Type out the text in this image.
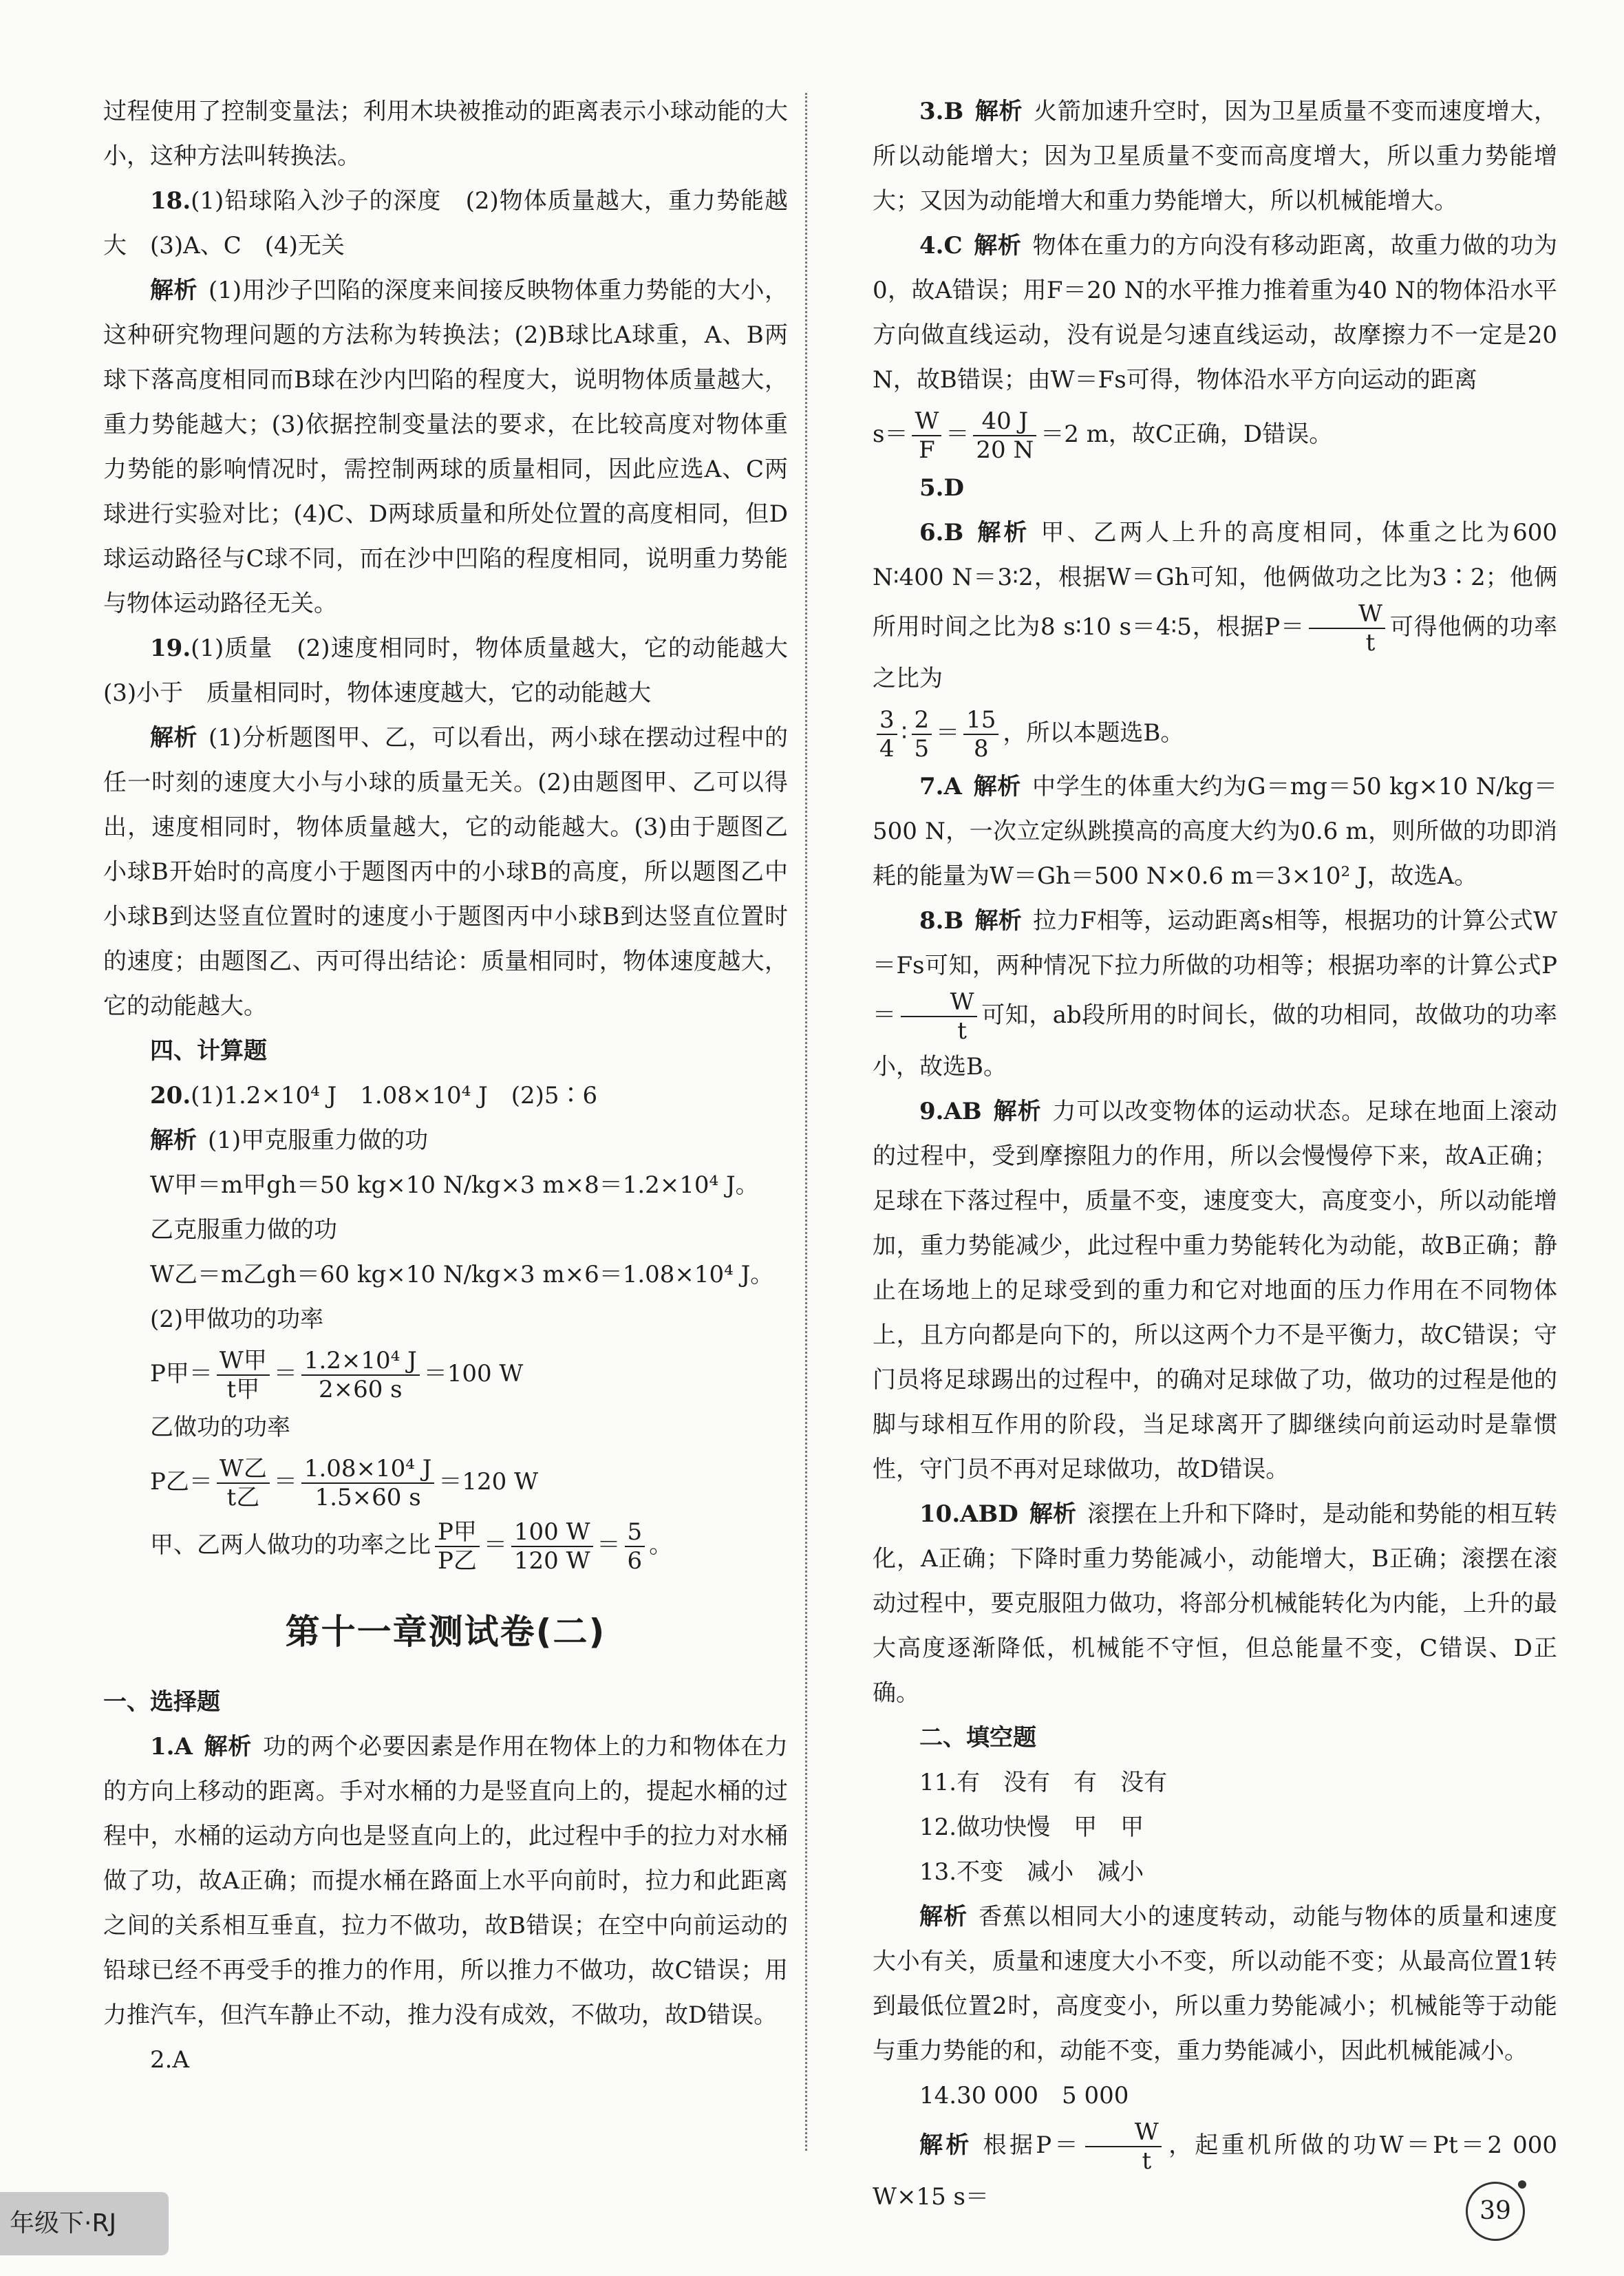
过程使用了控制变量法；利用木块被推动的距离表示小球动能的大小，这种方法叫转换法。

18.(1)铅球陷入沙子的深度　(2)物体质量越大，重力势能越大　(3)A、C　(4)无关

解析 (1)用沙子凹陷的深度来间接反映物体重力势能的大小，这种研究物理问题的方法称为转换法；(2)B球比A球重，A、B两球下落高度相同而B球在沙内凹陷的程度大，说明物体质量越大，重力势能越大；(3)依据控制变量法的要求，在比较高度对物体重力势能的影响情况时，需控制两球的质量相同，因此应选A、C两球进行实验对比；(4)C、D两球质量和所处位置的高度相同，但D球运动路径与C球不同，而在沙中凹陷的程度相同，说明重力势能与物体运动路径无关。

19.(1)质量　(2)速度相同时，物体质量越大，它的动能越大　(3)小于　质量相同时，物体速度越大，它的动能越大

解析 (1)分析题图甲、乙，可以看出，两小球在摆动过程中的任一时刻的速度大小与小球的质量无关。(2)由题图甲、乙可以得出，速度相同时，物体质量越大，它的动能越大。(3)由于题图乙小球B开始时的高度小于题图丙中的小球B的高度，所以题图乙中小球B到达竖直位置时的速度小于题图丙中小球B到达竖直位置时的速度；由题图乙、丙可得出结论：质量相同时，物体速度越大，它的动能越大。

四、计算题

20.(1)1.2×10⁴ J　1.08×10⁴ J　(2)5∶6

解析 (1)甲克服重力做的功

W甲＝m甲gh＝50 kg×10 N/kg×3 m×8＝1.2×10⁴ J。

乙克服重力做的功

W乙＝m乙gh＝60 kg×10 N/kg×3 m×6＝1.08×10⁴ J。

(2)甲做功的功率

P甲＝ $\frac{\text{W甲}}{\text{t甲}} = \frac{\text{1.2×10⁴ J}}{2\times 60 s} =100$ W

乙做功的功率

P乙＝ $\frac{\text{W乙}}{\text{t乙}} = \frac{\text{1.08×10⁴ J}}{1.5\times 60 s} =120$ W

甲、乙两人做功的功率之比 $\frac{\text{P甲}}{\text{P乙}} = \frac{100 W}{120 W} = \frac{5}{6}$ 。

第十一章测试卷(二)

一、选择题

1.A 解析 功的两个必要因素是作用在物体上的力和物体在力的方向上移动的距离。手对水桶的力是竖直向上的，提起水桶的过程中，水桶的运动方向也是竖直向上的，此过程中手的拉力对水桶做了功，故A正确；而提水桶在路面上水平向前时，拉力和此距离之间的关系相互垂直，拉力不做功，故B错误；在空中向前运动的铅球已经不再受手的推力的作用，所以推力不做功，故C错误；用力推汽车，但汽车静止不动，推力没有成效，不做功，故D错误。

2.A

3.B 解析 火箭加速升空时，因为卫星质量不变而速度增大，所以动能增大；因为卫星质量不变而高度增大，所以重力势能增大；又因为动能增大和重力势能增大，所以机械能增大。

4.C 解析 物体在重力的方向没有移动距离，故重力做的功为0，故A错误；用F＝20 N的水平推力推着重为40 N的物体沿水平方向做直线运动，没有说是匀速直线运动，故摩擦力不一定是20 N，故B错误；由W＝Fs可得，物体沿水平方向运动的距离

$s= \frac{W}{F} = \frac{40 J}{20 N} =2$ m，故C正确，D错误。

5.D

6.B 解析 甲、乙两人上升的高度相同，体重之比为600 N∶400 N＝3∶2，根据W＝Gh可知，他俩做功之比为3∶2；他俩所用时间之比为8 s∶10 s＝4∶5，根据$P= \frac{W}{t}$ 可得他俩的功率之比为

$\frac{3}{4}$ ∶ $\frac{2}{5} = \frac{15}{8}$ ，所以本题选B。

7.A 解析 中学生的体重大约为G＝mg＝50 kg×10 N/kg＝500 N，一次立定纵跳摸高的高度大约为0.6 m，则所做的功即消耗的能量为W＝Gh＝500 N×0.6 m＝3×10² J，故选A。

8.B 解析 拉力F相等，运动距离s相等，根据功的计算公式W＝Fs可知，两种情况下拉力所做的功相等；根据功率的计算公式$P= \frac{W}{t}$ 可知，ab段所用的时间长，做的功相同，故做功的功率小，故选B。

9.AB 解析 力可以改变物体的运动状态。足球在地面上滚动的过程中，受到摩擦阻力的作用，所以会慢慢停下来，故A正确；足球在下落过程中，质量不变，速度变大，高度变小，所以动能增加，重力势能减少，此过程中重力势能转化为动能，故B正确；静止在场地上的足球受到的重力和它对地面的压力作用在不同物体上，且方向都是向下的，所以这两个力不是平衡力，故C错误；守门员将足球踢出的过程中，的确对足球做了功，做功的过程是他的脚与球相互作用的阶段，当足球离开了脚继续向前运动时是靠惯性，守门员不再对足球做功，故D错误。

10.ABD 解析 滚摆在上升和下降时，是动能和势能的相互转化，A正确；下降时重力势能减小，动能增大，B正确；滚摆在滚动过程中，要克服阻力做功，将部分机械能转化为内能，上升的最大高度逐渐降低，机械能不守恒，但总能量不变，C错误、D正确。

二、填空题

11.有　没有　有　没有

12.做功快慢　甲　甲

13.不变　减小　减小

解析 香蕉以相同大小的速度转动，动能与物体的质量和速度大小有关，质量和速度大小不变，所以动能不变；从最高位置1转到最低位置2时，高度变小，所以重力势能减小；机械能等于动能与重力势能的和，动能不变，重力势能减小，因此机械能减小。

14.30 000　5 000

解析 根据$P= \frac{W}{t}$ ，起重机所做的功W＝Pt＝2 000 W×15 s＝

年级下·RJ	39
